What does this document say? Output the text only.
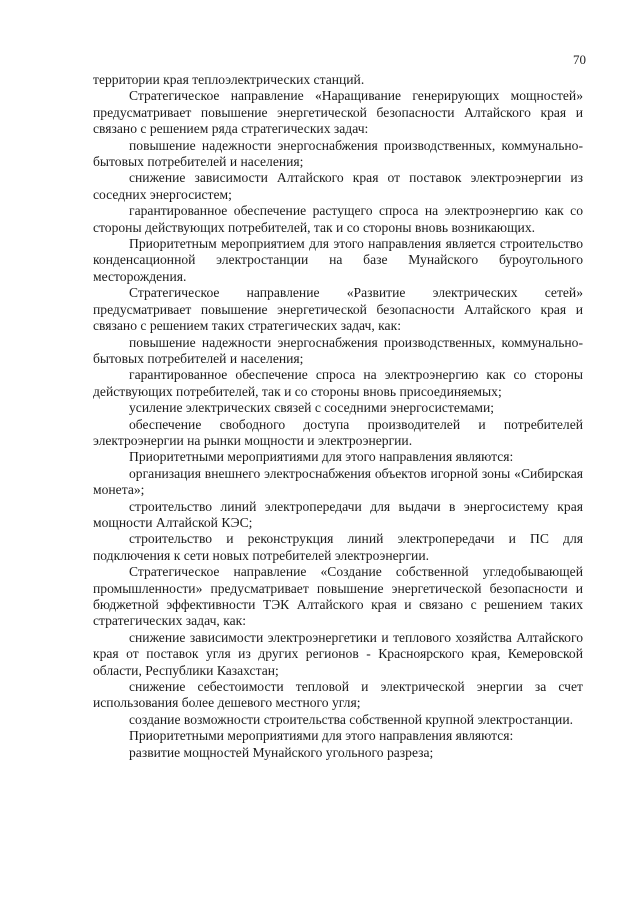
70

территории края теплоэлектрических станций.

Стратегическое направление «Наращивание генерирующих мощностей» предусматривает повышение энергетической безопасности Алтайского края и связано с решением ряда стратегических задач:

повышение надежности энергоснабжения производственных, коммунально-бытовых потребителей и населения;

снижение зависимости Алтайского края от поставок электроэнергии из соседних энергосистем;

гарантированное обеспечение растущего спроса на электроэнергию как со стороны действующих потребителей, так и со стороны вновь возникающих.

Приоритетным мероприятием для этого направления является строительство конденсационной электростанции на базе Мунайского буроугольного месторождения.

Стратегическое направление «Развитие электрических сетей» предусматривает повышение энергетической безопасности Алтайского края и связано с решением таких стратегических задач, как:

повышение надежности энергоснабжения производственных, коммунально-бытовых потребителей и населения;

гарантированное обеспечение спроса на электроэнергию как со стороны действующих потребителей, так и со стороны вновь присоединяемых;

усиление электрических связей с соседними энергосистемами;

обеспечение свободного доступа производителей и потребителей электроэнергии на рынки мощности и электроэнергии.

Приоритетными мероприятиями для этого направления являются:

организация внешнего электроснабжения объектов игорной зоны «Сибирская монета»;

строительство линий электропередачи для выдачи в энергосистему края мощности Алтайской КЭС;

строительство и реконструкция линий электропередачи и ПС для подключения к сети новых потребителей электроэнергии.

Стратегическое направление «Создание собственной угледобывающей промышленности» предусматривает повышение энергетической безопасности и бюджетной эффективности ТЭК Алтайского края и связано с решением таких стратегических задач, как:

снижение зависимости электроэнергетики и теплового хозяйства Алтайского края от поставок угля из других регионов - Красноярского края, Кемеровской области, Республики Казахстан;

снижение себестоимости тепловой и электрической энергии за счет использования более дешевого местного угля;

создание возможности строительства собственной крупной электростанции.

Приоритетными мероприятиями для этого направления являются:

развитие мощностей Мунайского угольного разреза;
